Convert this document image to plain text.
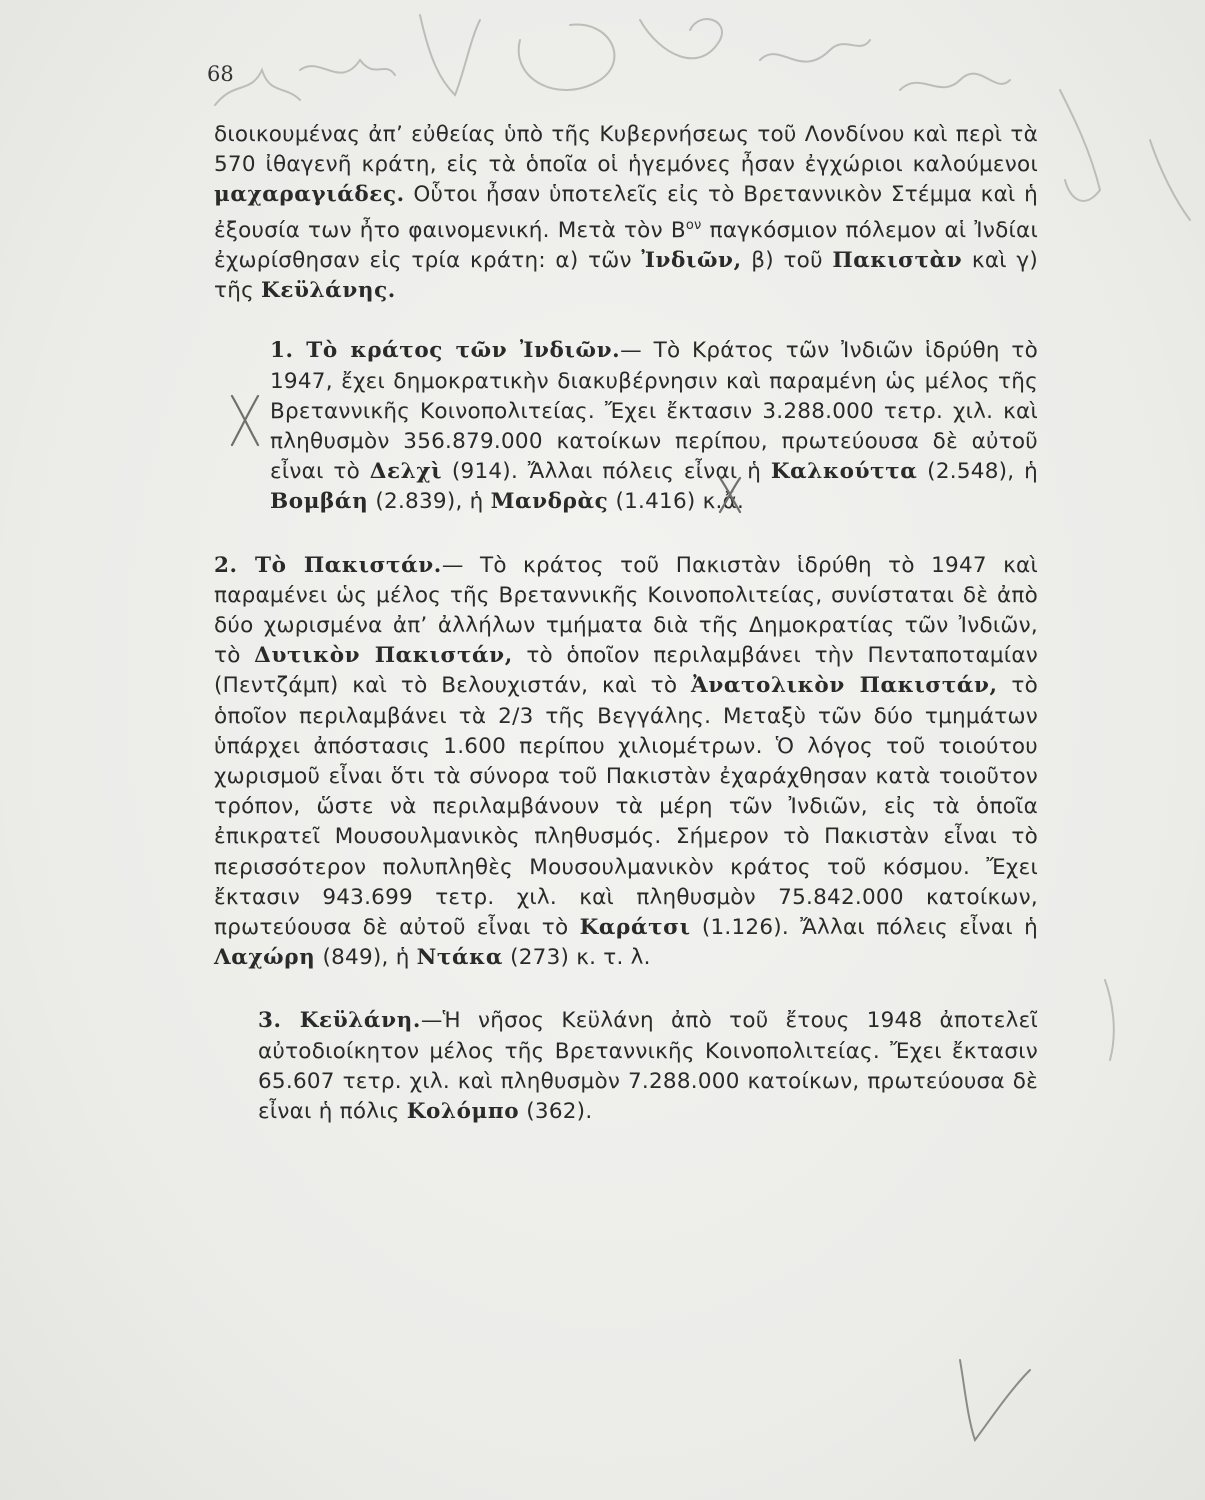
68

διοικουμένας ἀπ’ εὐθείας ὑπὸ τῆς Κυβερνήσεως τοῦ Λονδίνου καὶ περὶ τὰ 570 ἰθαγενῆ κράτη, εἰς τὰ ὁποῖα οἱ ἡγεμόνες ἦσαν ἐγχώριοι καλούμενοι μαχαραγιάδες. Οὗτοι ἦσαν ὑποτελεῖς εἰς τὸ Βρεταννικὸν Στέμμα καὶ ἡ ἐξουσία των ἦτο φαινομενική. Μετὰ τὸν $B^{o\nu}$ παγκόσμιον πόλεμον αἱ Ἰνδίαι ἐχωρίσθησαν εἰς τρία κράτη: α) τῶν Ἰνδιῶν, β) τοῦ Πακιστὰν καὶ γ) τῆς Κεϋλάνης.

1. Τὸ κράτος τῶν Ἰνδιῶν.— Τὸ Κράτος τῶν Ἰνδιῶν ἱδρύθη τὸ 1947, ἔχει δημοκρατικὴν διακυβέρνησιν καὶ παραμένη ὡς μέλος τῆς Βρεταννικῆς Κοινοπολιτείας. Ἔχει ἔκτασιν 3.288.000 τετρ. χιλ. καὶ πληθυσμὸν 356.879.000 κατοίκων περίπου, πρωτεύουσα δὲ αὐτοῦ εἶναι τὸ Δελχὶ (914). Ἄλλαι πόλεις εἶναι ἡ Καλκούττα (2.548), ἡ Βομβάη (2.839), ἡ Μανδρὰς (1.416) κ.ἄ.

2. Τὸ Πακιστάν.— Τὸ κράτος τοῦ Πακιστὰν ἱδρύθη τὸ 1947 καὶ παραμένει ὡς μέλος τῆς Βρεταννικῆς Κοινοπολιτείας, συνίσταται δὲ ἀπὸ δύο χωρισμένα ἀπ’ ἀλλήλων τμήματα διὰ τῆς Δημοκρατίας τῶν Ἰνδιῶν, τὸ Δυτικὸν Πακιστάν, τὸ ὁποῖον περιλαμβάνει τὴν Πενταποταμίαν (Πεντζάμπ) καὶ τὸ Βελουχιστάν, καὶ τὸ Ἀνατολικὸν Πακιστάν, τὸ ὁποῖον περιλαμβάνει τὰ 2/3 τῆς Βεγγάλης. Μεταξὺ τῶν δύο τμημάτων ὑπάρχει ἀπόστασις 1.600 περίπου χιλιομέτρων. Ὁ λόγος τοῦ τοιούτου χωρισμοῦ εἶναι ὅτι τὰ σύνορα τοῦ Πακιστὰν ἐχαράχθησαν κατὰ τοιοῦτον τρόπον, ὥστε νὰ περιλαμβάνουν τὰ μέρη τῶν Ἰνδιῶν, εἰς τὰ ὁποῖα ἐπικρατεῖ Μουσουλμανικὸς πληθυσμός. Σήμερον τὸ Πακιστὰν εἶναι τὸ περισσότερον πολυπληθὲς Μουσουλμανικὸν κράτος τοῦ κόσμου. Ἔχει ἔκτασιν 943.699 τετρ. χιλ. καὶ πληθυσμὸν 75.842.000 κατοίκων, πρωτεύουσα δὲ αὐτοῦ εἶναι τὸ Καράτσι (1.126). Ἄλλαι πόλεις εἶναι ἡ Λαχώρη (849), ἡ Ντάκα (273) κ. τ. λ.

3. Κεϋλάνη.—Ἡ νῆσος Κεϋλάνη ἀπὸ τοῦ ἔτους 1948 ἀποτελεῖ αὐτοδιοίκητον μέλος τῆς Βρεταννικῆς Κοινοπολιτείας. Ἔχει ἔκτασιν 65.607 τετρ. χιλ. καὶ πληθυσμὸν 7.288.000 κατοίκων, πρωτεύουσα δὲ εἶναι ἡ πόλις Κολόμπο (362).
